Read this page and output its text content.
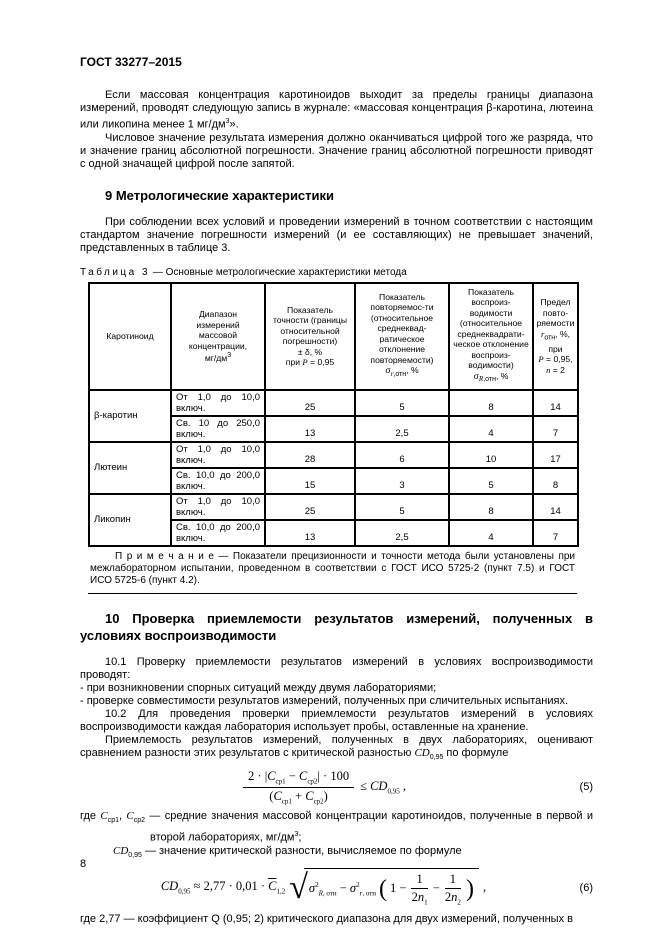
ГОСТ 33277–2015

Если массовая концентрация каротиноидов выходит за пределы границы диапазона измерений, проводят следующую запись в журнале: «массовая концентрация β-каротина, лютеина или ликопина менее 1 $мг/дм^3$».

Числовое значение результата измерения должно оканчиваться цифрой того же разряда, что и значение границ абсолютной погрешности. Значение границ абсолютной погрешности приводят с одной значащей цифрой после запятой.

9 Метрологические характеристики

При соблюдении всех условий и проведении измерений в точном соответствии с настоящим стандартом значение погрешности измерений (и ее составляющих) не превышает значений, представленных в таблице 3.

Таблица 3 — Основные метрологические характеристики метода
Каротиноид	Диапазон
измерений
массовой
концентрации,
$мг/дм^3$	Показатель
точности (границы
относительной
погрешности)
± δ, %
при P = 0,95	Показатель
повторяемос-ти
(относительное
среднеквад-
ратическое
отклонение
повторяемости)
$\sigma_{r,отн}$, %	Показатель
воспроиз-
водимости
(относительное
среднеквадрати-
ческое отклонение
воспроиз-
водимости)
$\sigma_{R,отн}$, %	Предел
повто-
ряемости
$r_{отн}$, %,
при
P = 0,95,
n = 2
β-каротин	От 1,0 до 10,0
включ.	25	5	8	14

	Св. 10 до 250,0
включ.	13	2,5	4	7
Лютеин	От 1,0 до 10,0
включ.	28	6	10	17

	Св. 10,0 до 200,0
включ.	15	3	5	8
Ликопин	От 1,0 до 10,0
включ.	25	5	8	14

	Св. 10,0 до 200,0
включ.	13	2,5	4	7
П р и м е ч а н и е — Показатели прецизионности и точности метода были установлены при межлабораторном испытании, проведенном в соответствии с ГОСТ ИСО 5725-2 (пункт 7.5) и ГОСТ ИСО 5725-6 (пункт 4.2).
10 Проверка приемлемости результатов измерений, полученных в условиях воспроизводимости

10.1 Проверку приемлемости результатов измерений в условиях воспроизводимости проводят:

- при возникновении спорных ситуаций между двумя лабораториями;

- проверке совместимости результатов измерений, полученных при сличительных испытаниях.

10.2 Для проведения проверки приемлемости результатов измерений в условиях воспроизводимости каждая лаборатория использует пробы, оставленные на хранение.

Приемлемость результатов измерений, полученных в двух лабораториях, оценивают сравнением разности этих результатов с критической разностью $CD_{0,95}$ по формуле

$\frac{2 \cdot |C_{ср1} - C_{ср2}| \cdot 100}{(C_{ср1} + C_{ср2})} \le CD_{0,95}$ ,	(5)

где $C_{ср1}$, $C_{ср2}$ — средние значения массовой концентрации каротиноидов, полученные в первой и второй лабораториях, $мг/дм^3$;

$CD_{0,95}$ — значение критической разности, вычисляемое по формуле

$CD_{0,95} \approx 2,77 \cdot 0,01 \cdot \overline{C}_{1,2}$ √ $\sigma^2_{R, отн} - \sigma^2_{r, отн}$ ( $1 - \frac{1}{2n_1} - \frac{1}{2n_2}$ ) ,	(6)

где 2,77 — коэффициент Q (0,95; 2) критического диапазона для двух измерений, полученных в

8
